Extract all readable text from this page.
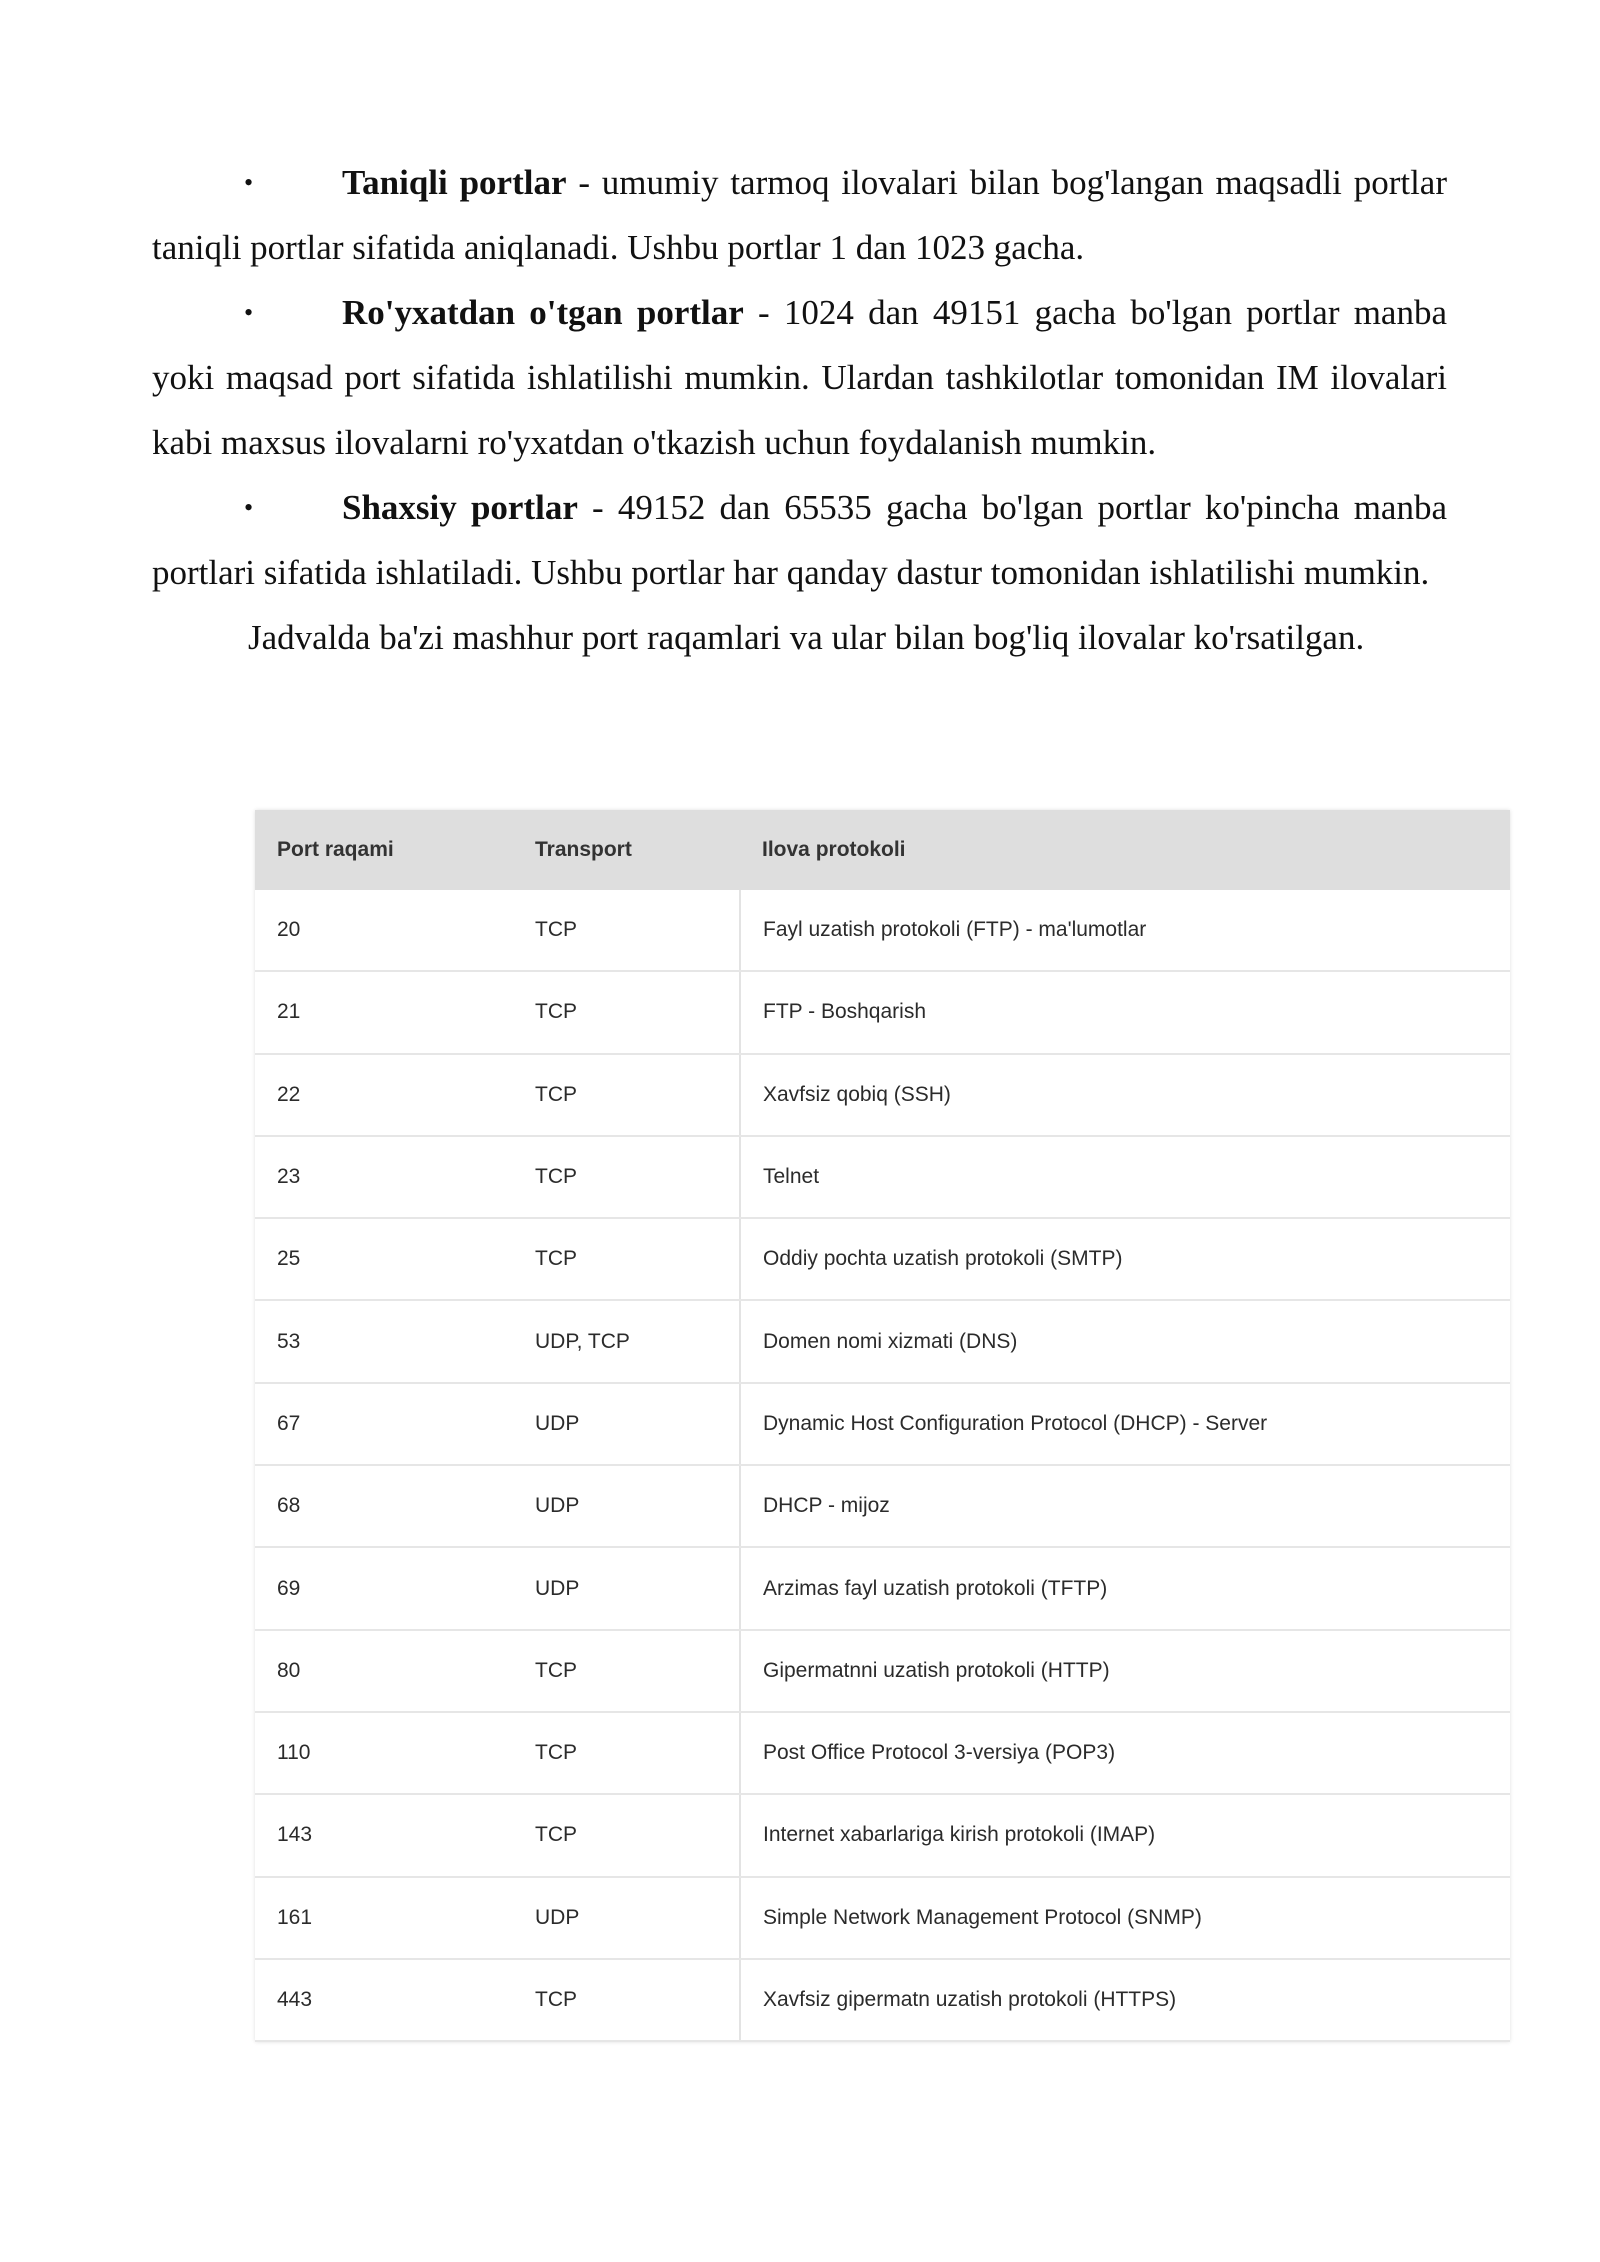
•	Taniqli portlar - umumiy tarmoq ilovalari bilan bog'langan maqsadli portlar taniqli portlar sifatida aniqlanadi. Ushbu portlar 1 dan 1023 gacha.

•	Ro'yxatdan o'tgan portlar - 1024 dan 49151 gacha bo'lgan portlar manba yoki maqsad port sifatida ishlatilishi mumkin. Ulardan tashkilotlar tomonidan IM ilovalari kabi maxsus ilovalarni ro'yxatdan o'tkazish uchun foydalanish mumkin.

•	Shaxsiy portlar - 49152 dan 65535 gacha bo'lgan portlar ko'pincha manba portlari sifatida ishlatiladi. Ushbu portlar har qanday dastur tomonidan ishlatilishi mumkin.

Jadvalda ba'zi mashhur port raqamlari va ular bilan bog'liq ilovalar ko'rsatilgan.

Port raqami	Transport	Ilova protokoli
20	TCP	Fayl uzatish protokoli (FTP) - ma'lumotlar
21	TCP	FTP - Boshqarish
22	TCP	Xavfsiz qobiq (SSH)
23	TCP	Telnet
25	TCP	Oddiy pochta uzatish protokoli (SMTP)
53	UDP, TCP	Domen nomi xizmati (DNS)
67	UDP	Dynamic Host Configuration Protocol (DHCP) - Server
68	UDP	DHCP - mijoz
69	UDP	Arzimas fayl uzatish protokoli (TFTP)
80	TCP	Gipermatnni uzatish protokoli (HTTP)
110	TCP	Post Office Protocol 3-versiya (POP3)
143	TCP	Internet xabarlariga kirish protokoli (IMAP)
161	UDP	Simple Network Management Protocol (SNMP)
443	TCP	Xavfsiz gipermatn uzatish protokoli (HTTPS)
